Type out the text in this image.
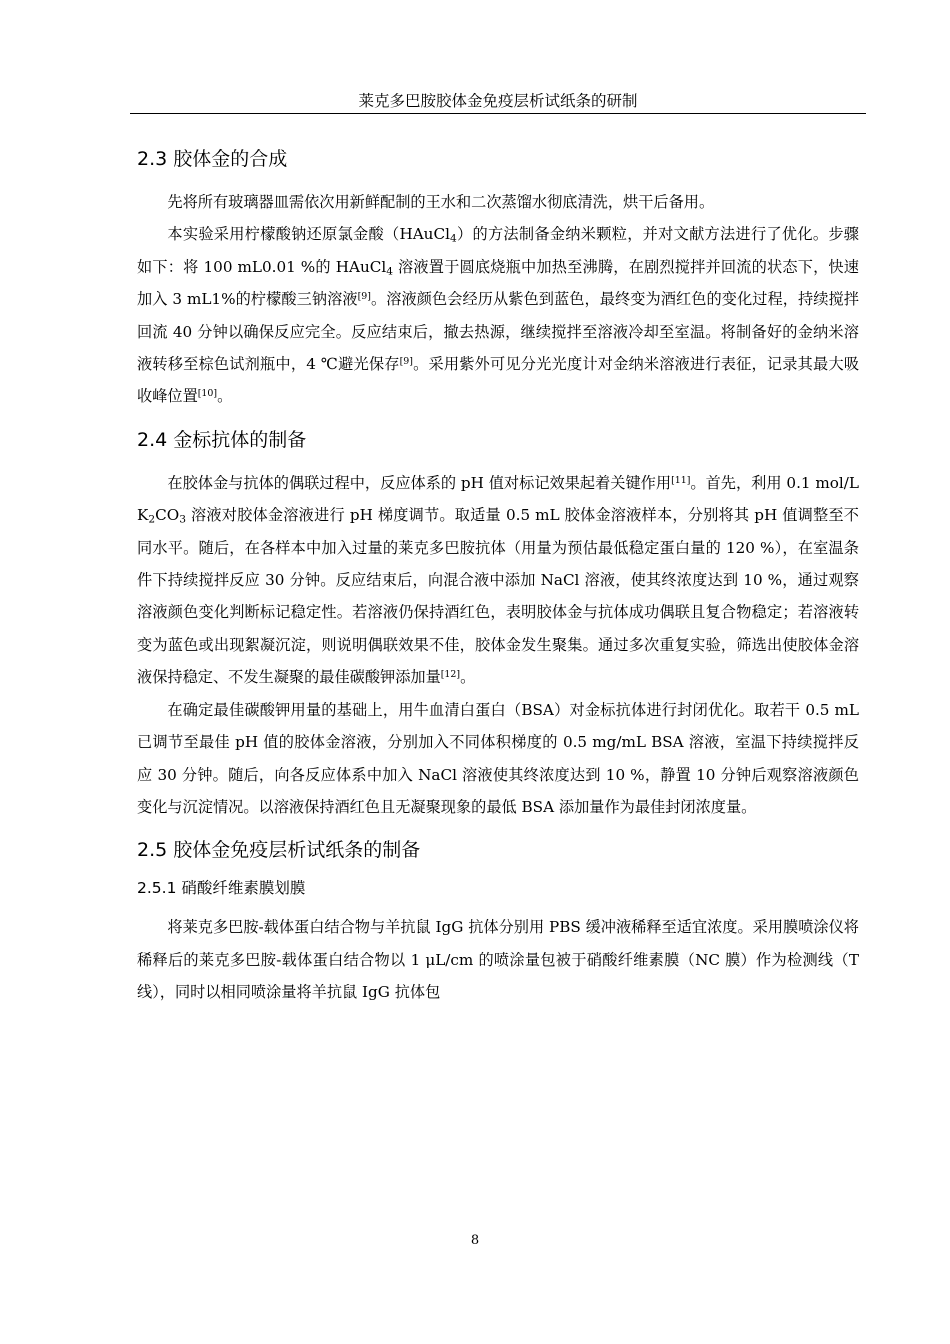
莱克多巴胺胶体金免疫层析试纸条的研制
2.3 胶体金的合成

先将所有玻璃器皿需依次用新鲜配制的王水和二次蒸馏水彻底清洗，烘干后备用。

本实验采用柠檬酸钠还原氯金酸（HAuCl$_4$）的方法制备金纳米颗粒，并对文献方法进行了优化。步骤如下：将 100 mL0.01 %的 HAuCl$_4$ 溶液置于圆底烧瓶中加热至沸腾，在剧烈搅拌并回流的状态下，快速加入 3 mL1%的柠檬酸三钠溶液[9]。溶液颜色会经历从紫色到蓝色，最终变为酒红色的变化过程，持续搅拌回流 40 分钟以确保反应完全。反应结束后，撤去热源，继续搅拌至溶液冷却至室温。将制备好的金纳米溶液转移至棕色试剂瓶中，4 ℃避光保存[9]。采用紫外可见分光光度计对金纳米溶液进行表征，记录其最大吸收峰位置[10]。

2.4 金标抗体的制备

在胶体金与抗体的偶联过程中，反应体系的 pH 值对标记效果起着关键作用[11]。首先，利用 0.1 mol/L $K_2CO_3$ 溶液对胶体金溶液进行 pH 梯度调节。取适量 0.5 mL 胶体金溶液样本，分别将其 pH 值调整至不同水平。随后，在各样本中加入过量的莱克多巴胺抗体（用量为预估最低稳定蛋白量的 120 %），在室温条件下持续搅拌反应 30 分钟。反应结束后，向混合液中添加 NaCl 溶液，使其终浓度达到 10 %，通过观察溶液颜色变化判断标记稳定性。若溶液仍保持酒红色，表明胶体金与抗体成功偶联且复合物稳定；若溶液转变为蓝色或出现絮凝沉淀，则说明偶联效果不佳，胶体金发生聚集。通过多次重复实验，筛选出使胶体金溶液保持稳定、不发生凝聚的最佳碳酸钾添加量[12]。

在确定最佳碳酸钾用量的基础上，用牛血清白蛋白（BSA）对金标抗体进行封闭优化。取若干 0.5 mL 已调节至最佳 pH 值的胶体金溶液，分别加入不同体积梯度的 0.5 mg/mL BSA 溶液，室温下持续搅拌反应 30 分钟。随后，向各反应体系中加入 NaCl 溶液使其终浓度达到 10 %，静置 10 分钟后观察溶液颜色变化与沉淀情况。以溶液保持酒红色且无凝聚现象的最低 BSA 添加量作为最佳封闭浓度量。

2.5 胶体金免疫层析试纸条的制备
2.5.1 硝酸纤维素膜划膜

将莱克多巴胺-载体蛋白结合物与羊抗鼠 IgG 抗体分别用 PBS 缓冲液稀释至适宜浓度。采用膜喷涂仪将稀释后的莱克多巴胺-载体蛋白结合物以 1 μL/cm 的喷涂量包被于硝酸纤维素膜（NC 膜）作为检测线（T 线），同时以相同喷涂量将羊抗鼠 IgG 抗体包

8
